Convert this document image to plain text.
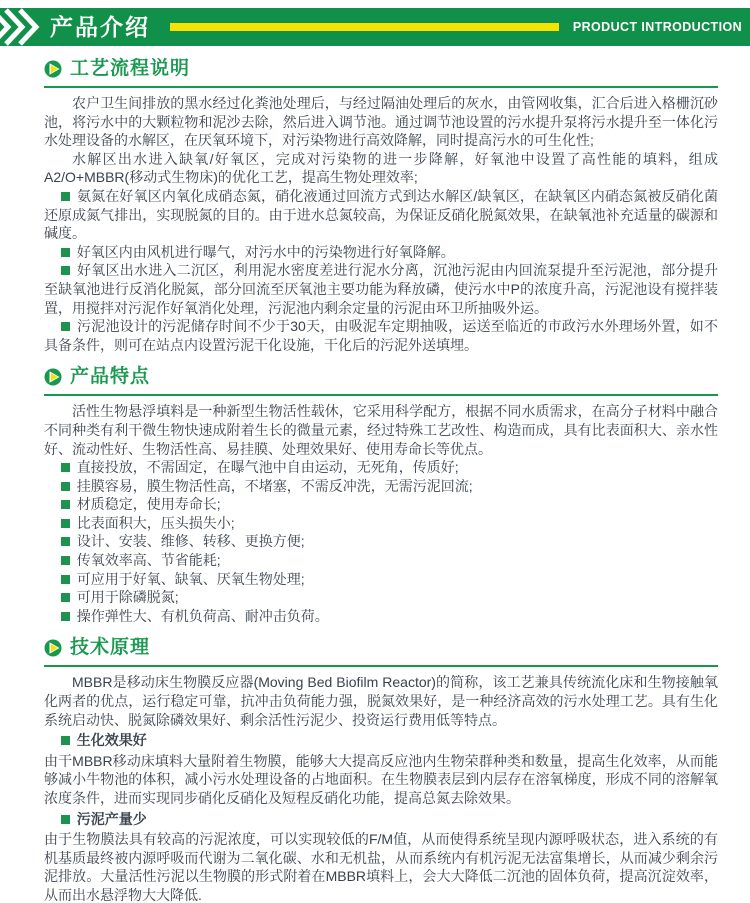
产品介绍	PRODUCT INTRODUCTION
工艺流程说明

农户卫生间排放的黑水经过化粪池处理后，与经过隔油处理后的灰水，由管网收集，汇合后进入格栅沉砂池，将污水中的大颗粒物和泥沙去除，然后进入调节池。通过调节池设置的污水提升泵将污水提升至一体化污水处理设备的水解区，在厌氧环境下，对污染物进行高效降解，同时提高污水的可生化性;

水解区出水进入缺氧/好氧区，完成对污染物的进一步降解，好氧池中设置了高性能的填料，组成A2/O+MBBR(移动式生物床)的优化工艺，提高生物处理效率;

氨氮在好氧区内氧化成硝态氮，硝化液通过回流方式到达水解区/缺氧区，在缺氧区内硝态氮被反硝化菌还原成氮气排出，实现脱氮的目的。由于进水总氮较高，为保证反硝化脱氮效果，在缺氧池补充适量的碳源和碱度。

好氧区内由风机进行曝气，对污水中的污染物进行好氧降解。

好氧区出水进入二沉区，利用泥水密度差进行泥水分离，沉池污泥由内回流泵提升至污泥池，部分提升至缺氧池进行反消化脱氮，部分回流至厌氧池主要功能为释放磷，使污水中P的浓度升高，污泥池设有搅拌装置，用搅拌对污泥作好氧消化处理，污泥池内剩余定量的污泥由环卫所抽吸外运。

污泥池设计的污泥储存时间不少于30天，由吸泥车定期抽吸，运送至临近的市政污水外理场外置，如不具备条件，则可在站点内设置污泥干化设施，干化后的污泥外送填埋。

产品特点

活性生物悬浮填料是一种新型生物活性载休，它采用科学配方，根据不同水质需求，在高分子材料中融合不同种类有利干微生物快速成附着生长的微量元素，经过特殊工艺改性、构造而成，具有比表面积大、亲水性好、流动性好、生物活性高、易挂膜、处理效果好、使用寿命长等优点。

直接投放，不需固定，在曝气池中自由运动，无死角，传质好;

挂膜容易，膜生物活性高，不堵塞，不需反冲洗，无需污泥回流;

材质稳定，使用寿命长;

比表面积大，压头损失小;

设计、安装、维修、转移、更换方便;

传氧效率高、节省能耗;

可应用于好氧、缺氧、厌氧生物处理;

可用于除磷脱氮;

操作弹性大、有机负荷高、耐冲击负荷。

技术原理

MBBR是移动床生物膜反应器(Moving Bed Biofilm Reactor)的简称，该工艺兼具传统流化床和生物接触氧化两者的优点，运行稳定可靠，抗冲击负荷能力强，脱氮效果好，是一种经济高效的污水处理工艺。具有生化系统启动快、脱氮除磷效果好、剩余活性污泥少、投资运行费用低等特点。

生化效果好

由干MBBR移动床填料大量附着生物膜，能够大大提高反应池内生物荣群种类和数量，提高生化效率，从而能够减小牛物池的体积，减小污水处理设备的占地面积。在生物膜表层到内层存在溶氧梯度，形成不同的溶解氧浓度条件，进而实现同步硝化反硝化及短程反硝化功能，提高总氮去除效果。

污泥产量少

由于生物膜法具有较高的污泥浓度，可以实现较低的F/M值，从而使得系统呈现内源呼吸状态，进入系统的有机基质最终被内源呼吸而代谢为二氧化碳、水和无机盐，从而系统内有机污泥无法富集增长，从而减少剩余污泥排放。大量活性污泥以生物膜的形式附着在MBBR填料上，会大大降低二沉池的固体负荷，提高沉淀效率，从而出水悬浮物大大降低.
